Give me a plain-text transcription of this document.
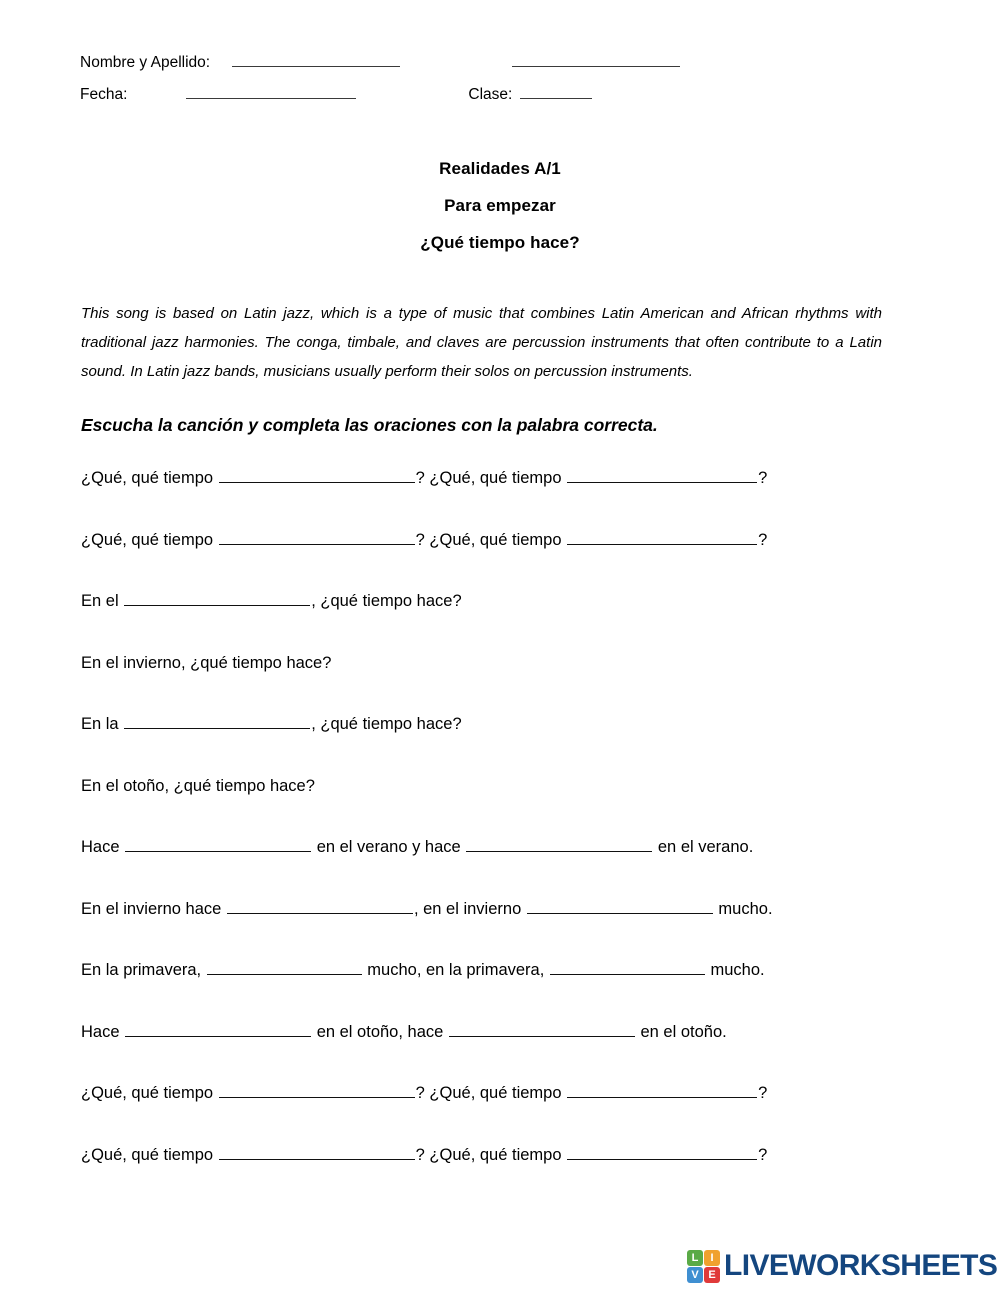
Nombre y Apellido:
Fecha:	Clase:
Realidades A/1
Para empezar
¿Qué tiempo hace?

This song is based on Latin jazz, which is a type of music that combines Latin American and African rhythms with traditional jazz harmonies. The conga, timbale, and claves are percussion instruments that often contribute to a Latin sound. In Latin jazz bands, musicians usually perform their solos on percussion instruments.

Escucha la canción y completa las oraciones con la palabra correcta.
¿Qué, qué tiempo	? ¿Qué, qué tiempo	?
¿Qué, qué tiempo	? ¿Qué, qué tiempo	?
En el	, ¿qué tiempo hace?
En el invierno, ¿qué tiempo hace?
En la	, ¿qué tiempo hace?
En el otoño, ¿qué tiempo hace?
Hace	en el verano y hace	en el verano.
En el invierno hace	, en el invierno	mucho.
En la primavera,	mucho, en la primavera,	mucho.
Hace	en el otoño, hace	en el otoño.
¿Qué, qué tiempo	? ¿Qué, qué tiempo	?
¿Qué, qué tiempo	? ¿Qué, qué tiempo	?
L	I
V E LIVEWORKSHEETS
